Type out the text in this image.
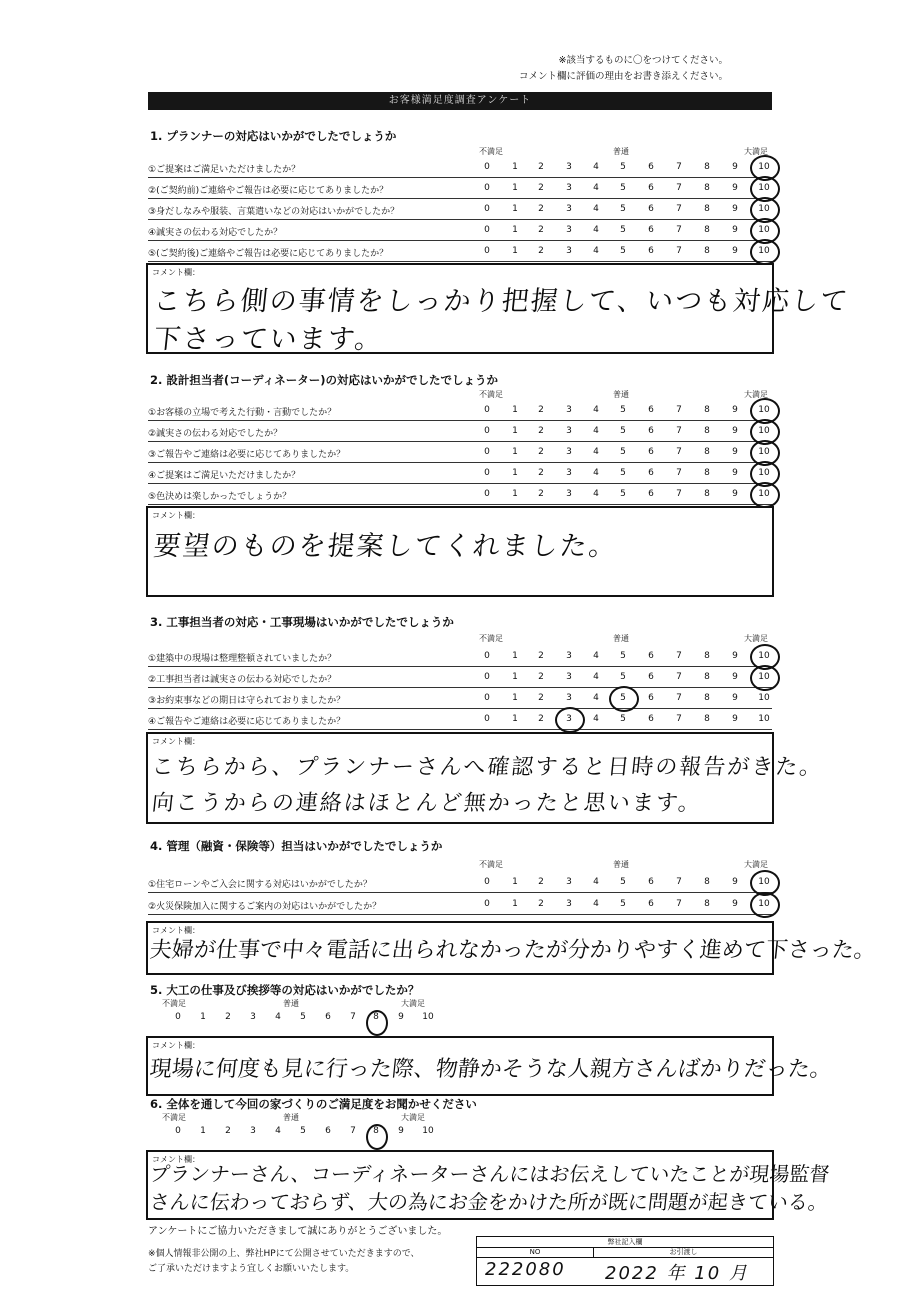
※該当するものに〇をつけてください。
コメント欄に評価の理由をお書き添えください。
お客様満足度調査アンケート
1. プランナーの対応はいかがでしたでしょうか
不満足	普通	大満足
①ご提案はご満足いただけましたか？	0	1	2	3	4	5	6	7	8	9	10
②(ご契約前)ご連絡やご報告は必要に応じてありましたか？	0	1	2	3	4	5	6	7	8	9	10
③身だしなみや服装、言葉遣いなどの対応はいかがでしたか？	0	1	2	3	4	5	6	7	8	9	10
④誠実さの伝わる対応でしたか？	0	1	2	3	4	5	6	7	8	9	10
⑤(ご契約後)ご連絡やご報告は必要に応じてありましたか？	0	1	2	3	4	5	6	7	8	9	10
コメント欄：
こちら側の事情をしっかり把握して、いつも対応して
下さっています。
2. 設計担当者(コーディネーター)の対応はいかがでしたでしょうか
不満足	普通	大満足
①お客様の立場で考えた行動・言動でしたか？	0	1	2	3	4	5	6	7	8	9	10
②誠実さの伝わる対応でしたか？	0	1	2	3	4	5	6	7	8	9	10
③ご報告やご連絡は必要に応じてありましたか？	0	1	2	3	4	5	6	7	8	9	10
④ご提案はご満足いただけましたか？	0	1	2	3	4	5	6	7	8	9	10
⑤色決めは楽しかったでしょうか？	0	1	2	3	4	5	6	7	8	9	10
コメント欄：
要望のものを提案してくれました。
3. 工事担当者の対応・工事現場はいかがでしたでしょうか
不満足	普通	大満足
①建築中の現場は整理整頓されていましたか？	0	1	2	3	4	5	6	7	8	9	10
②工事担当者は誠実さの伝わる対応でしたか？	0	1	2	3	4	5	6	7	8	9	10
③お約束事などの期日は守られておりましたか？	0	1	2	3	4	5	6	7	8	9	10
④ご報告やご連絡は必要に応じてありましたか？	0	1	2	3	4	5	6	7	8	9	10
コメント欄：
こちらから、プランナーさんへ確認すると日時の報告がきた。
向こうからの連絡はほとんど無かったと思います。
4. 管理（融資・保険等）担当はいかがでしたでしょうか
不満足	普通	大満足
①住宅ローンやご入会に関する対応はいかがでしたか？	0	1	2	3	4	5	6	7	8	9	10
②火災保険加入に関するご案内の対応はいかがでしたか？	0	1	2	3	4	5	6	7	8	9	10
コメント欄：
夫婦が仕事で中々電話に出られなかったが分かりやすく進めて下さった。
5. 大工の仕事及び挨拶等の対応はいかがでしたか？
不満足	普通	大満足
0	1	2	3	4	5	6	7	8	9	10
コメント欄：
現場に何度も見に行った際、物静かそうな人親方さんばかりだった。
6. 全体を通して今回の家づくりのご満足度をお聞かせください
不満足	普通	大満足
0	1	2	3	4	5	6	7	8	9	10
コメント欄：
プランナーさん、コーディネーターさんにはお伝えしていたことが現場監督
さんに伝わっておらず、大の為にお金をかけた所が既に問題が起きている。
アンケートにご協力いただきまして誠にありがとうございました。
※個人情報非公開の上、弊社HPにて公開させていただきますので、
ご了承いただけますよう宜しくお願いいたします。
弊社記入欄
NO	お引渡し
222080 2022 年 10 月
